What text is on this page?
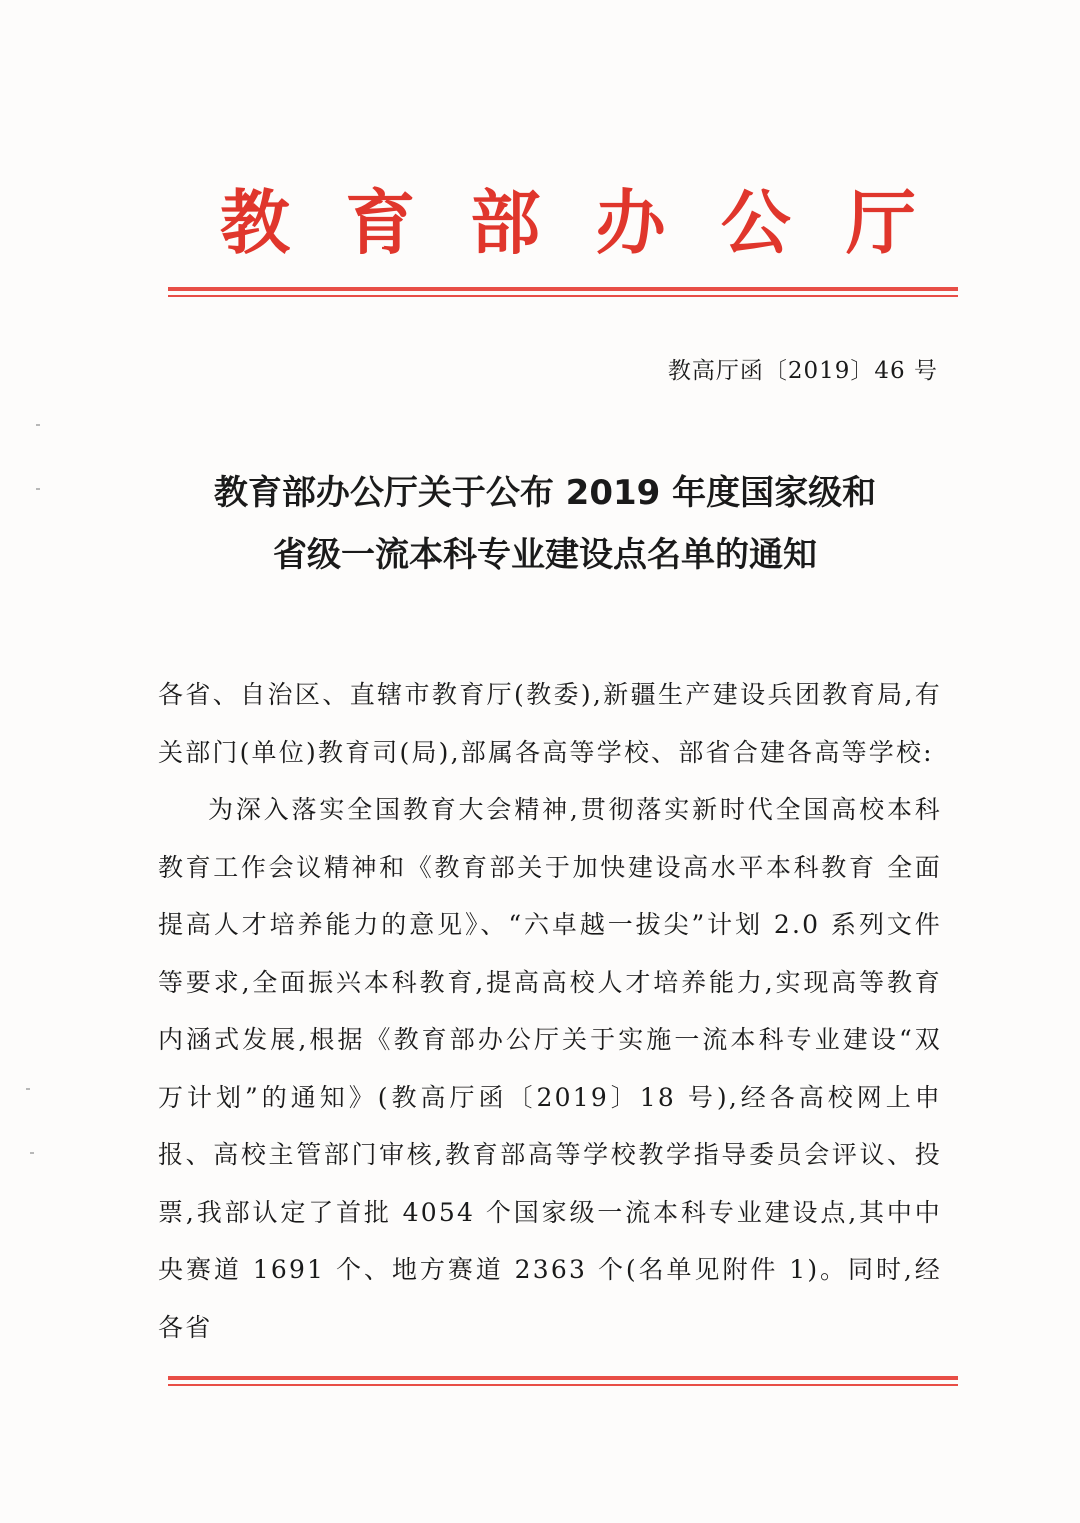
教 育 部 办 公 厅
教高厅函〔2019〕46 号
教育部办公厅关于公布 2019 年度国家级和
省级一流本科专业建设点名单的通知

各省、自治区、直辖市教育厅(教委),新疆生产建设兵团教育局,有关部门(单位)教育司(局),部属各高等学校、部省合建各高等学校:

为深入落实全国教育大会精神,贯彻落实新时代全国高校本科教育工作会议精神和《教育部关于加快建设高水平本科教育 全面提高人才培养能力的意见》、“六卓越一拔尖”计划 2.0 系列文件等要求,全面振兴本科教育,提高高校人才培养能力,实现高等教育内涵式发展,根据《教育部办公厅关于实施一流本科专业建设“双万计划”的通知》(教高厅函〔2019〕18 号),经各高校网上申报、高校主管部门审核,教育部高等学校教学指导委员会评议、投票,我部认定了首批 4054 个国家级一流本科专业建设点,其中中央赛道 1691 个、地方赛道 2363 个(名单见附件 1)。同时,经各省
